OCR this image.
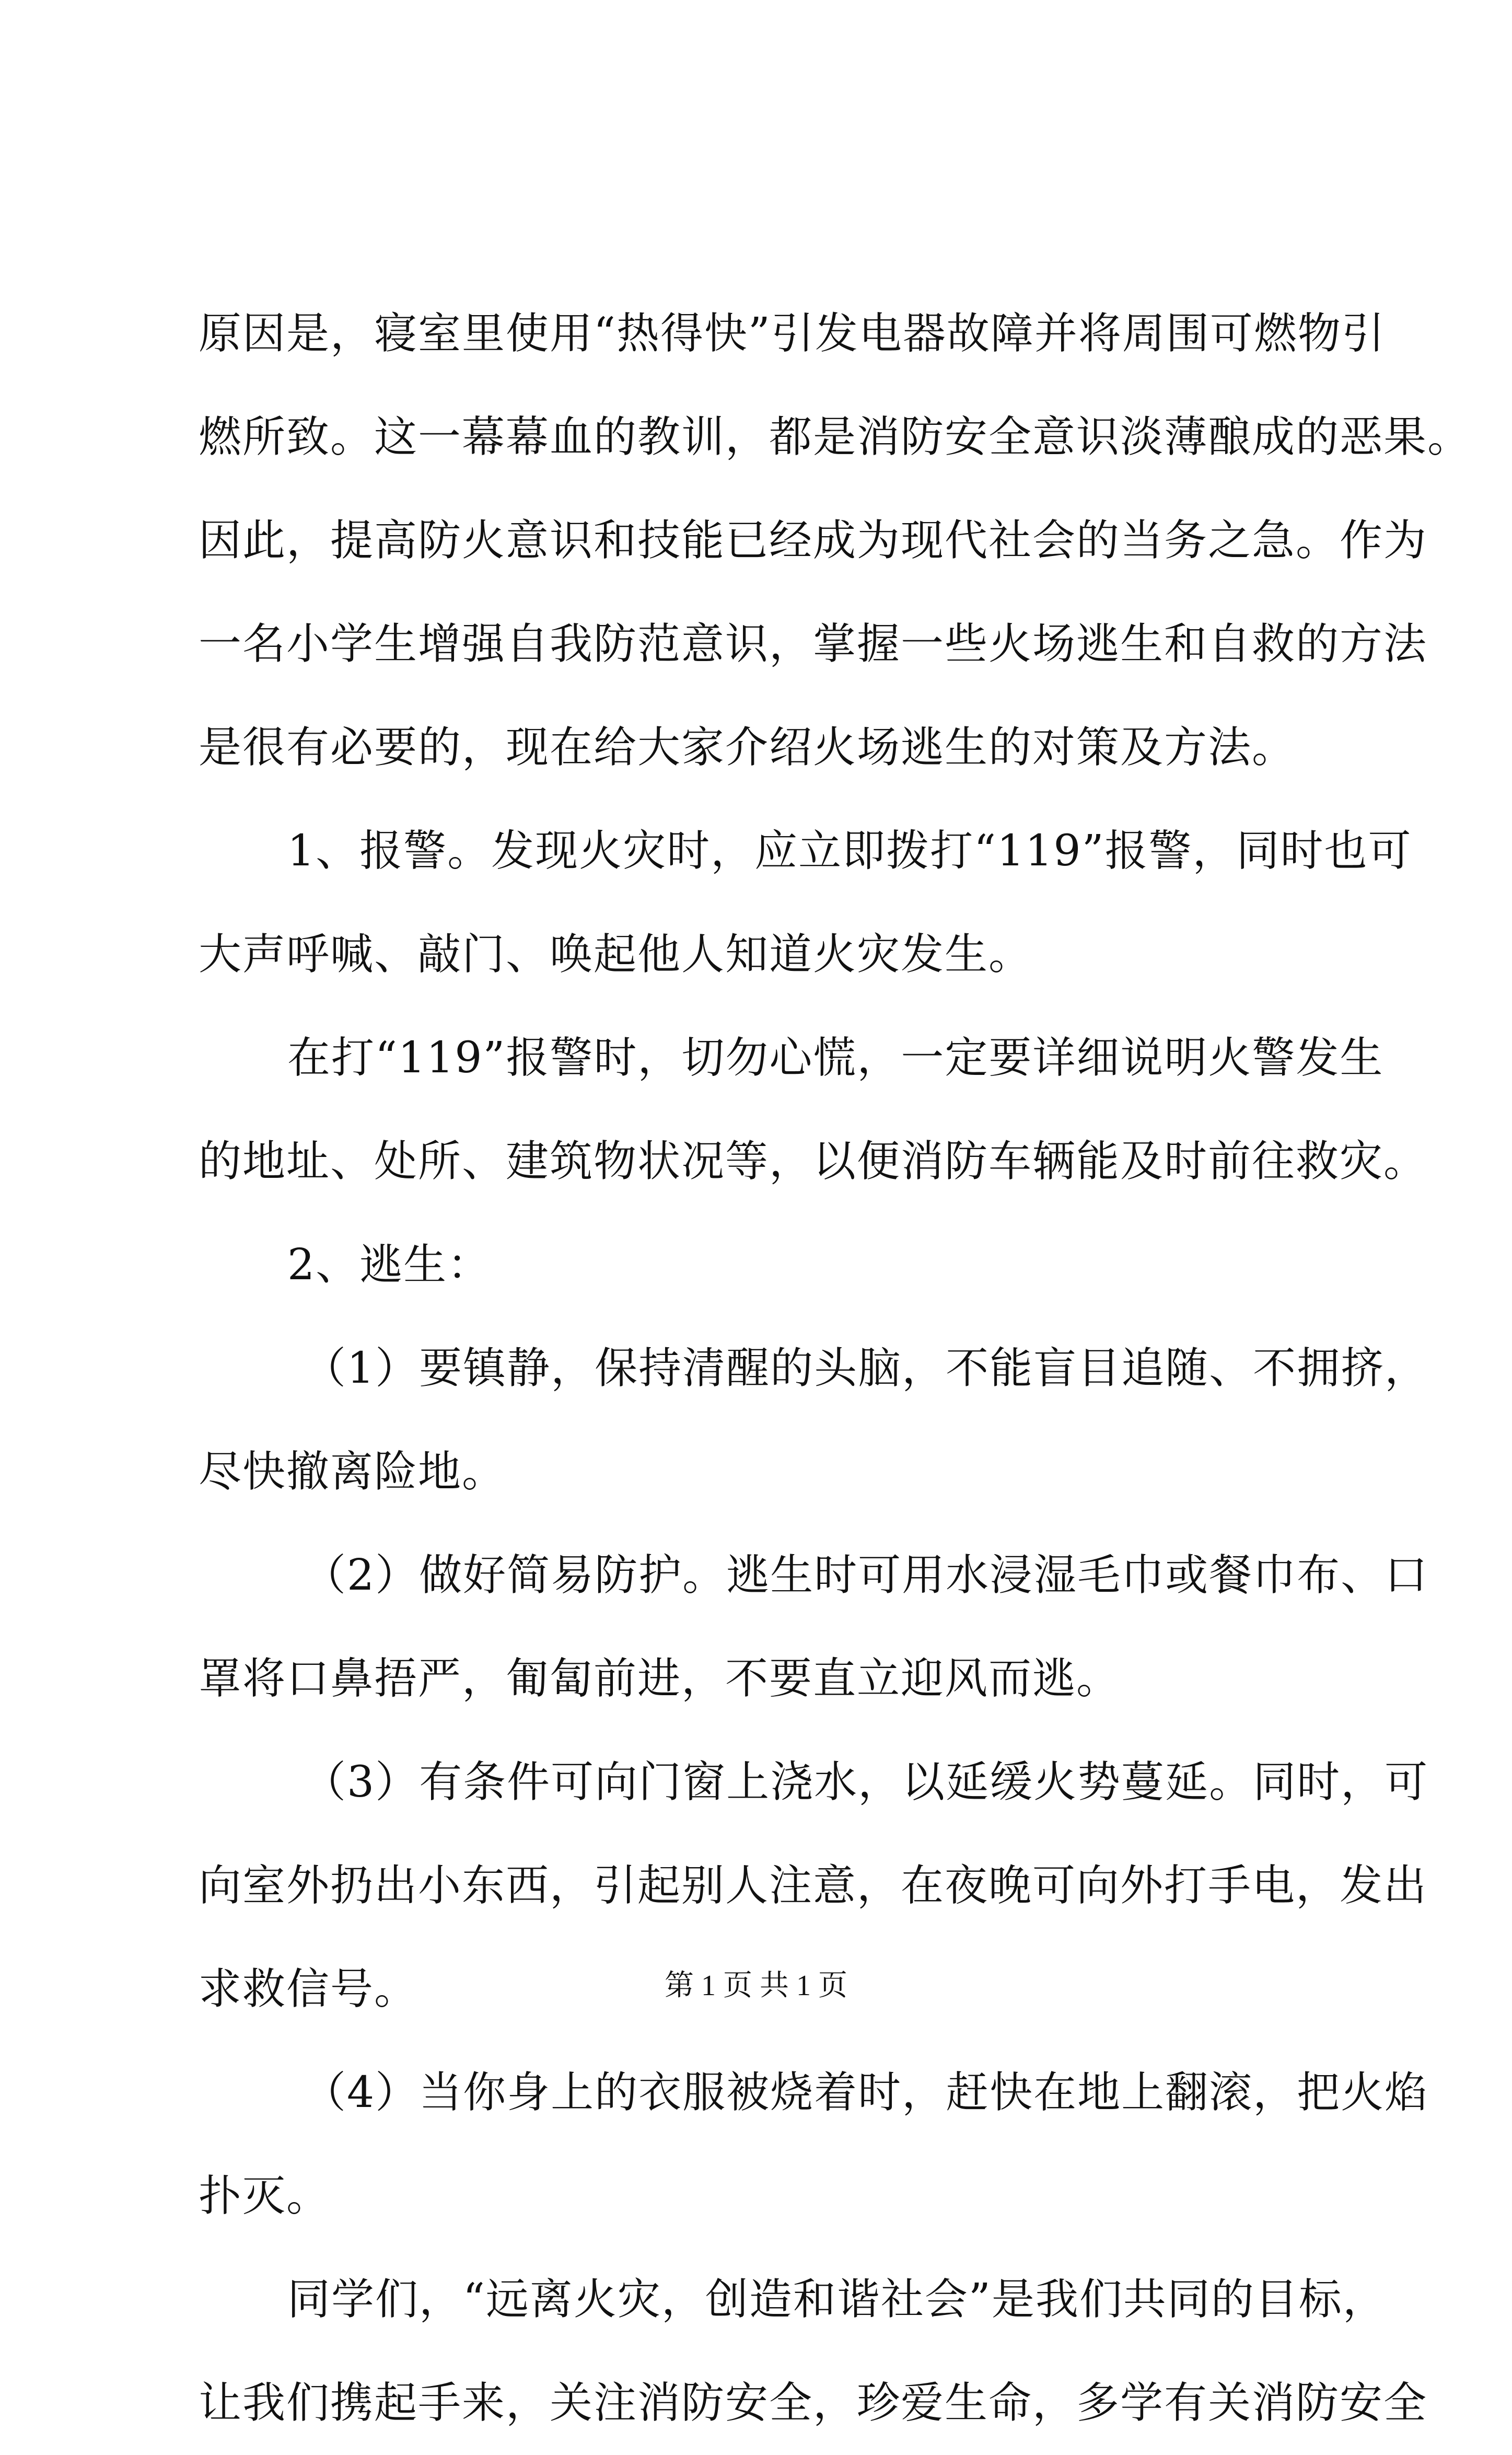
原因是，寝室里使用“热得快”引发电器故障并将周围可燃物引
燃所致。这一幕幕血的教训，都是消防安全意识淡薄酿成的恶果。
因此，提高防火意识和技能已经成为现代社会的当务之急。作为
一名小学生增强自我防范意识，掌握一些火场逃生和自救的方法
是很有必要的，现在给大家介绍火场逃生的对策及方法。
1、报警。发现火灾时，应立即拨打“119”报警，同时也可
大声呼喊、敲门、唤起他人知道火灾发生。
在打“119”报警时，切勿心慌，一定要详细说明火警发生
的地址、处所、建筑物状况等，以便消防车辆能及时前往救灾。
2、逃生：
（1）要镇静，保持清醒的头脑，不能盲目追随、不拥挤，
尽快撤离险地。
（2）做好简易防护。逃生时可用水浸湿毛巾或餐巾布、口
罩将口鼻捂严，匍匐前进，不要直立迎风而逃。
（3）有条件可向门窗上浇水，以延缓火势蔓延。同时，可
向室外扔出小东西，引起别人注意，在夜晚可向外打手电，发出
求救信号。
（4）当你身上的衣服被烧着时，赶快在地上翻滚，把火焰
扑灭。
同学们，“远离火灾，创造和谐社会”是我们共同的目标，
让我们携起手来，关注消防安全，珍爱生命，多学有关消防安全
第 1 页 共 1 页
